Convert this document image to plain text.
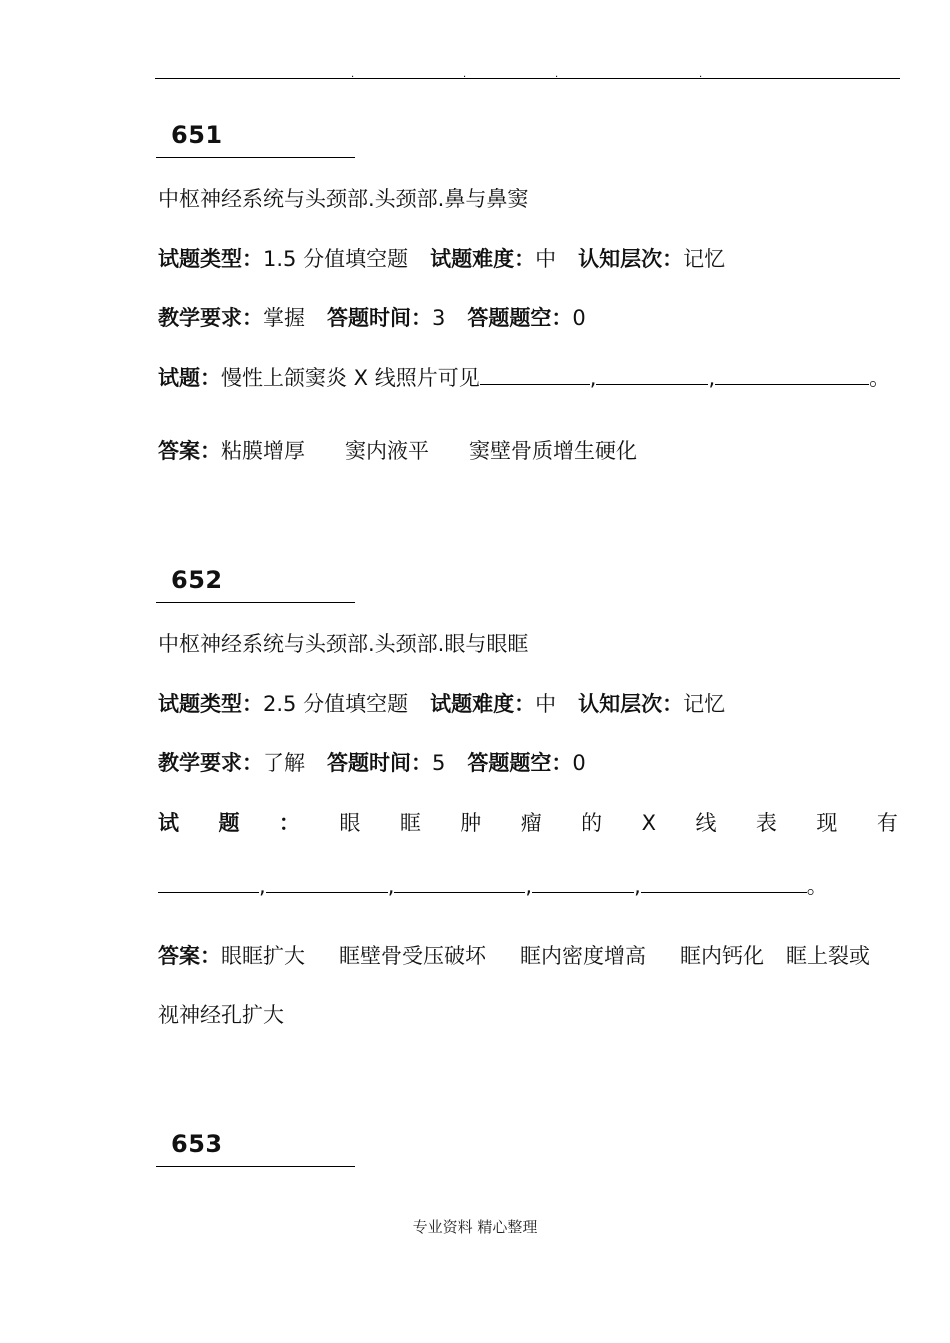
.	.	.	.
651
中枢神经系统与头颈部.头颈部.鼻与鼻窦
试题类型：1.5 分值填空题 试题难度：中 认知层次：记忆
教学要求：掌握 答题时间：3 答题题空：0
试题：慢性上颌窦炎 X 线照片可见	,	,	。
答案：粘膜增厚 窦内液平 窦壁骨质增生硬化
652
中枢神经系统与头颈部.头颈部.眼与眼眶
试题类型：2.5 分值填空题 试题难度：中 认知层次：记忆
教学要求：了解 答题时间：5 答题题空：0
试 题 ： 眼 眶 肿 瘤 的 X 线 表 现 有
,	,	,	,	。
答案：眼眶扩大 眶壁骨受压破坏 眶内密度增高 眶内钙化 眶上裂或
视神经孔扩大
653
专业资料 精心整理
